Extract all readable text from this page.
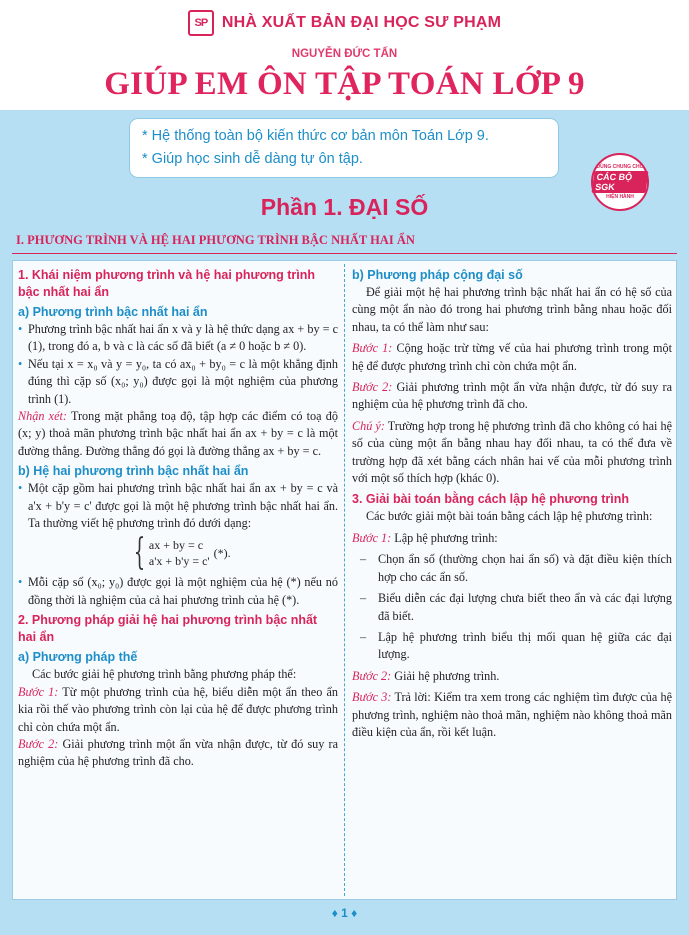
SP NHÀ XUẤT BẢN ĐẠI HỌC SƯ PHẠM
NGUYỄN ĐỨC TẤN
GIÚP EM ÔN TẬP TOÁN LỚP 9
* Hệ thống toàn bộ kiến thức cơ bản môn Toán Lớp 9.
* Giúp học sinh dễ dàng tự ôn tập.	DÙNG CHUNG CHO
CÁC BỘ SGK
HIỆN HÀNH
Phần 1. ĐẠI SỐ
I. PHƯƠNG TRÌNH VÀ HỆ HAI PHƯƠNG TRÌNH BẬC NHẤT HAI ẨN
1. Khái niệm phương trình và hệ hai phương trình bậc nhất hai ẩn
a) Phương trình bậc nhất hai ẩn
• Phương trình bậc nhất hai ẩn x và y là hệ thức dạng ax + by = c (1), trong đó a, b và c là các số đã biết (a ≠ 0 hoặc b ≠ 0).
• Nếu tại x = x₀ và y = y₀, ta có ax₀ + by₀ = c là một khẳng định đúng thì cặp số (x₀; y₀) được gọi là một nghiệm của phương trình (1).
Nhận xét: Trong mặt phẳng toạ độ, tập hợp các điểm có toạ độ (x; y) thoả mãn phương trình bậc nhất hai ẩn ax + by = c là một đường thẳng. Đường thẳng đó gọi là đường thẳng ax + by = c.
b) Hệ hai phương trình bậc nhất hai ẩn
• Một cặp gồm hai phương trình bậc nhất hai ẩn ax + by = c và a'x + b'y = c' được gọi là một hệ phương trình bậc nhất hai ẩn. Ta thường viết hệ phương trình đó dưới dạng:
{ ax + by = c
a'x + b'y = c'
(*).
• Mỗi cặp số (x₀; y₀) được gọi là một nghiệm của hệ (*) nếu nó đồng thời là nghiệm của cả hai phương trình của hệ (*).
2. Phương pháp giải hệ hai phương trình bậc nhất hai ẩn
a) Phương pháp thế
Các bước giải hệ phương trình bằng phương pháp thế:
Bước 1: Từ một phương trình của hệ, biểu diễn một ẩn theo ẩn kia rồi thế vào phương trình còn lại của hệ để được phương trình chỉ còn chứa một ẩn.
Bước 2: Giải phương trình một ẩn vừa nhận được, từ đó suy ra nghiệm của hệ phương trình đã cho.
b) Phương pháp cộng đại số
Để giải một hệ hai phương trình bậc nhất hai ẩn có hệ số của cùng một ẩn nào đó trong hai phương trình bằng nhau hoặc đối nhau, ta có thể làm như sau:
Bước 1: Cộng hoặc trừ từng vế của hai phương trình trong một hệ để được phương trình chỉ còn chứa một ẩn.
Bước 2: Giải phương trình một ẩn vừa nhận được, từ đó suy ra nghiệm của hệ phương trình đã cho.
Chú ý: Trường hợp trong hệ phương trình đã cho không có hai hệ số của cùng một ẩn bằng nhau hay đối nhau, ta có thể đưa về trường hợp đã xét bằng cách nhân hai vế của mỗi phương trình với một số thích hợp (khác 0).
3. Giải bài toán bằng cách lập hệ phương trình
Các bước giải một bài toán bằng cách lập hệ phương trình:
Bước 1: Lập hệ phương trình:
– Chọn ẩn số (thường chọn hai ẩn số) và đặt điều kiện thích hợp cho các ẩn số.
– Biểu diễn các đại lượng chưa biết theo ẩn và các đại lượng đã biết.
– Lập hệ phương trình biểu thị mối quan hệ giữa các đại lượng.
Bước 2: Giải hệ phương trình.
Bước 3: Trả lời: Kiểm tra xem trong các nghiệm tìm được của hệ phương trình, nghiệm nào thoả mãn, nghiệm nào không thoả mãn điều kiện của ẩn, rồi kết luận.
♦ 1 ♦
